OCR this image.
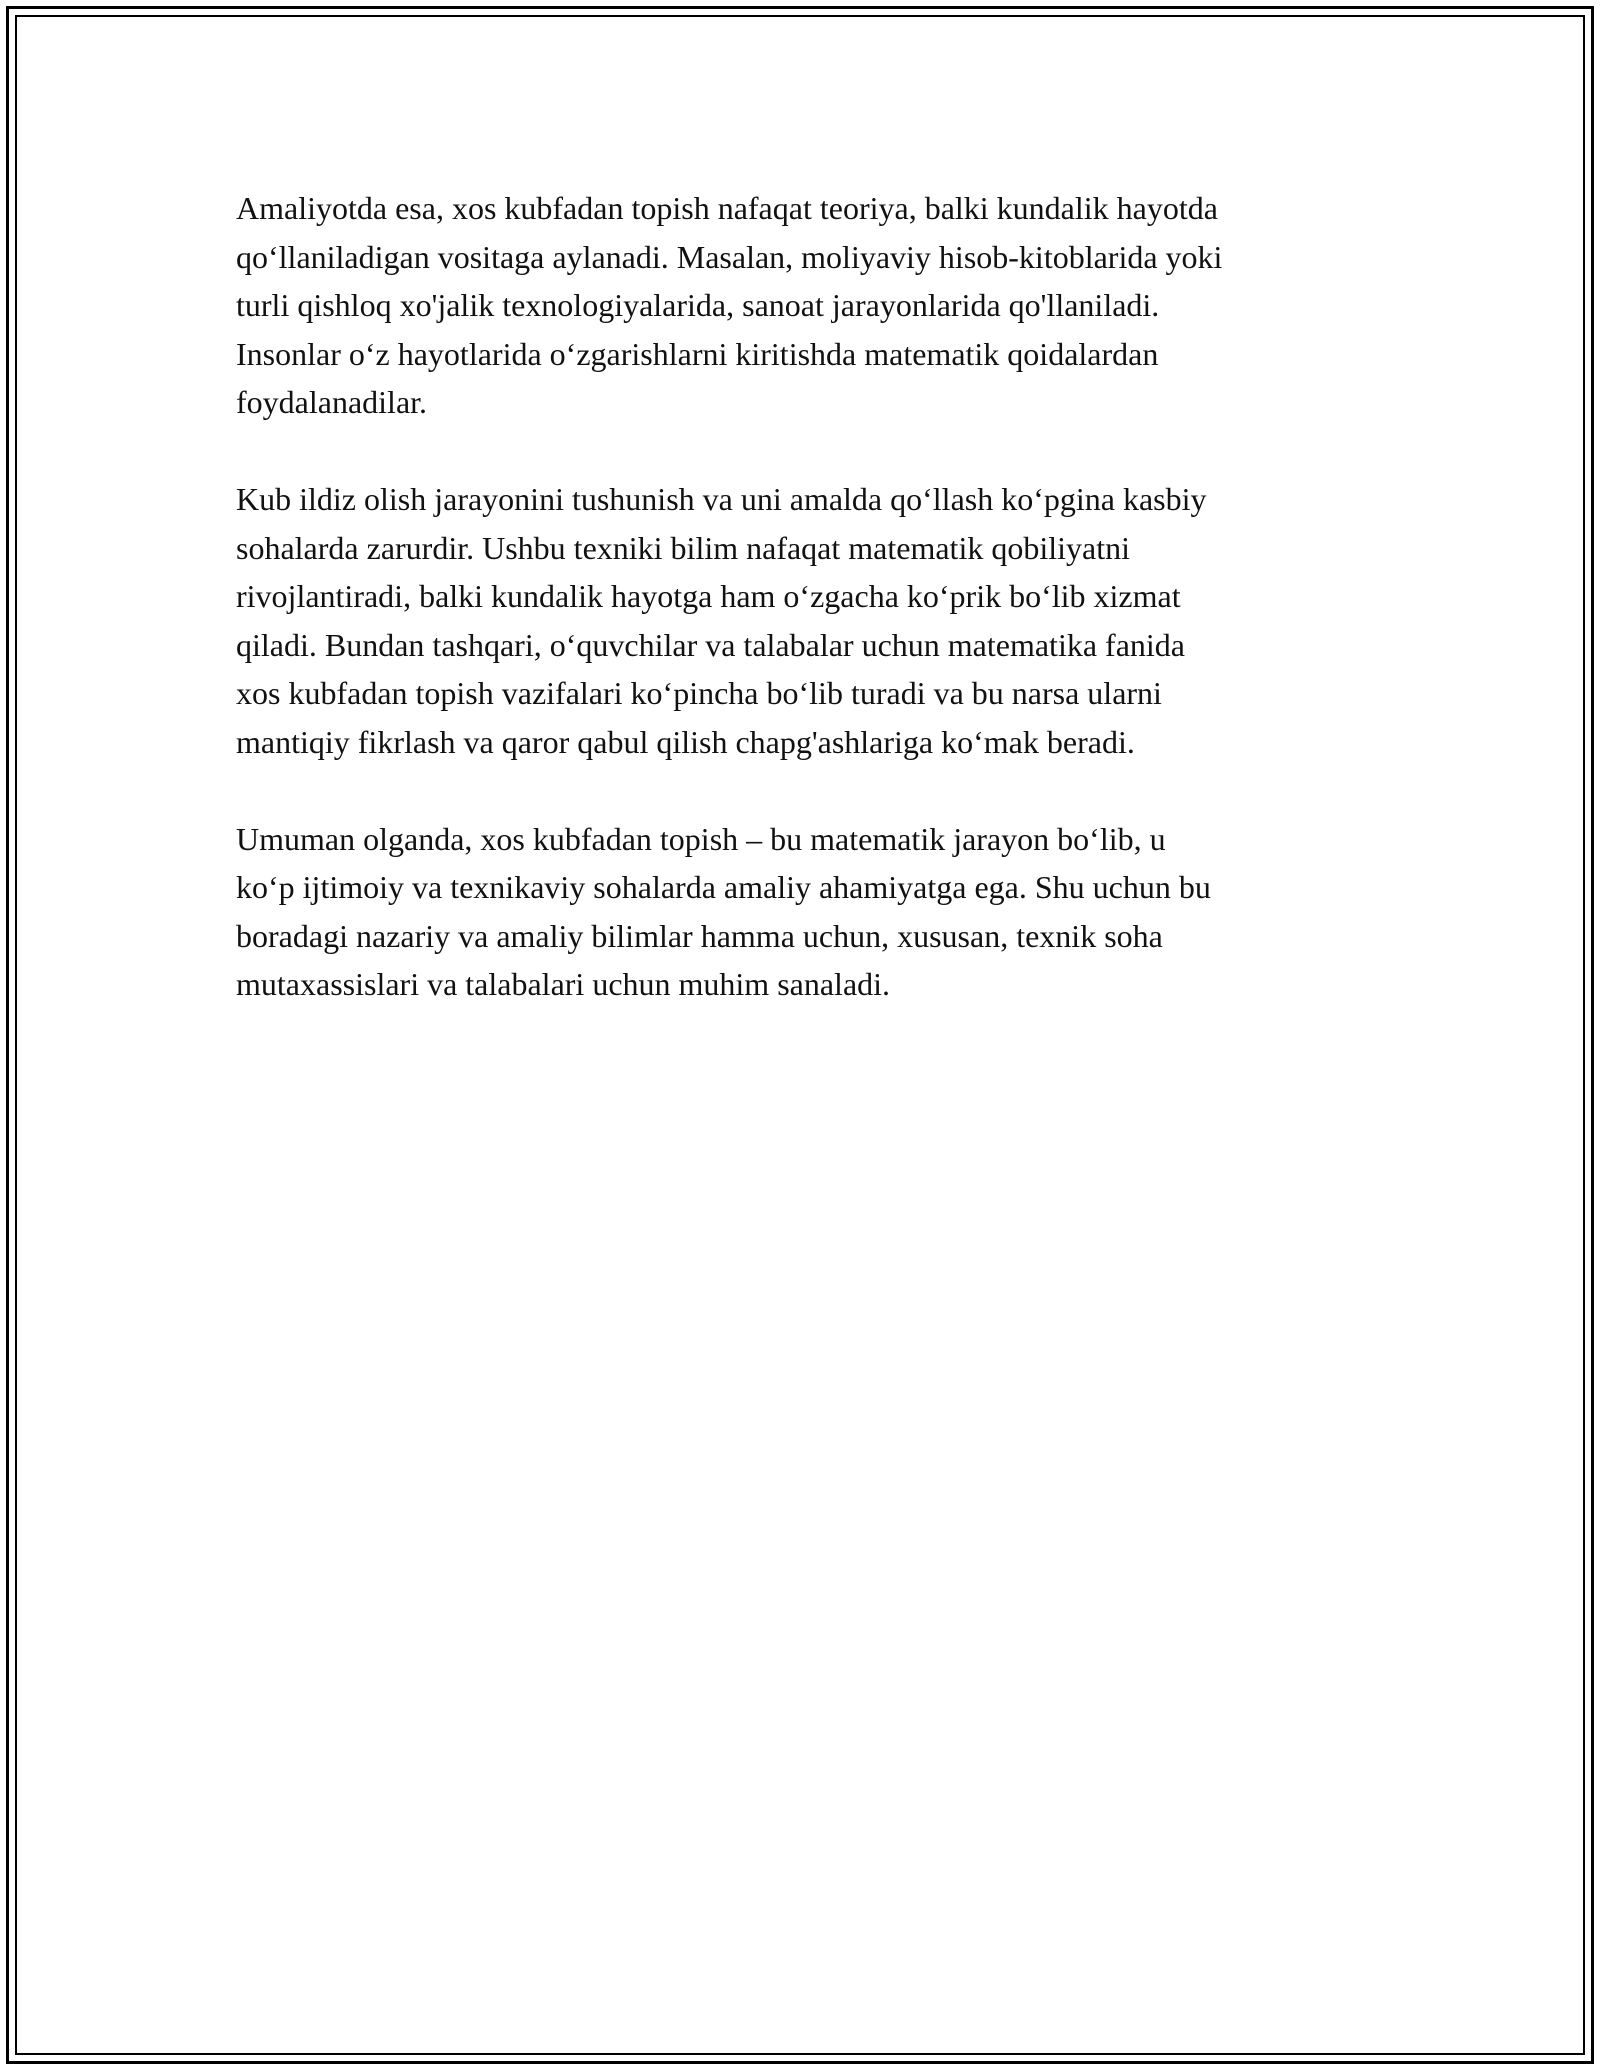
Amaliyotda esa, xos kubfadan topish nafaqat teoriya, balki kundalik hayotda
qo‘llaniladigan vositaga aylanadi. Masalan, moliyaviy hisob-kitoblarida yoki
turli qishloq xo'jalik texnologiyalarida, sanoat jarayonlarida qo'llaniladi.
Insonlar o‘z hayotlarida o‘zgarishlarni kiritishda matematik qoidalardan
foydalanadilar.

Kub ildiz olish jarayonini tushunish va uni amalda qo‘llash ko‘pgina kasbiy
sohalarda zarurdir. Ushbu texniki bilim nafaqat matematik qobiliyatni
rivojlantiradi, balki kundalik hayotga ham o‘zgacha ko‘prik bo‘lib xizmat
qiladi. Bundan tashqari, o‘quvchilar va talabalar uchun matematika fanida
xos kubfadan topish vazifalari ko‘pincha bo‘lib turadi va bu narsa ularni
mantiqiy fikrlash va qaror qabul qilish chapg'ashlariga ko‘mak beradi.

Umuman olganda, xos kubfadan topish – bu matematik jarayon bo‘lib, u
ko‘p ijtimoiy va texnikaviy sohalarda amaliy ahamiyatga ega. Shu uchun bu
boradagi nazariy va amaliy bilimlar hamma uchun, xususan, texnik soha
mutaxassislari va talabalari uchun muhim sanaladi.
